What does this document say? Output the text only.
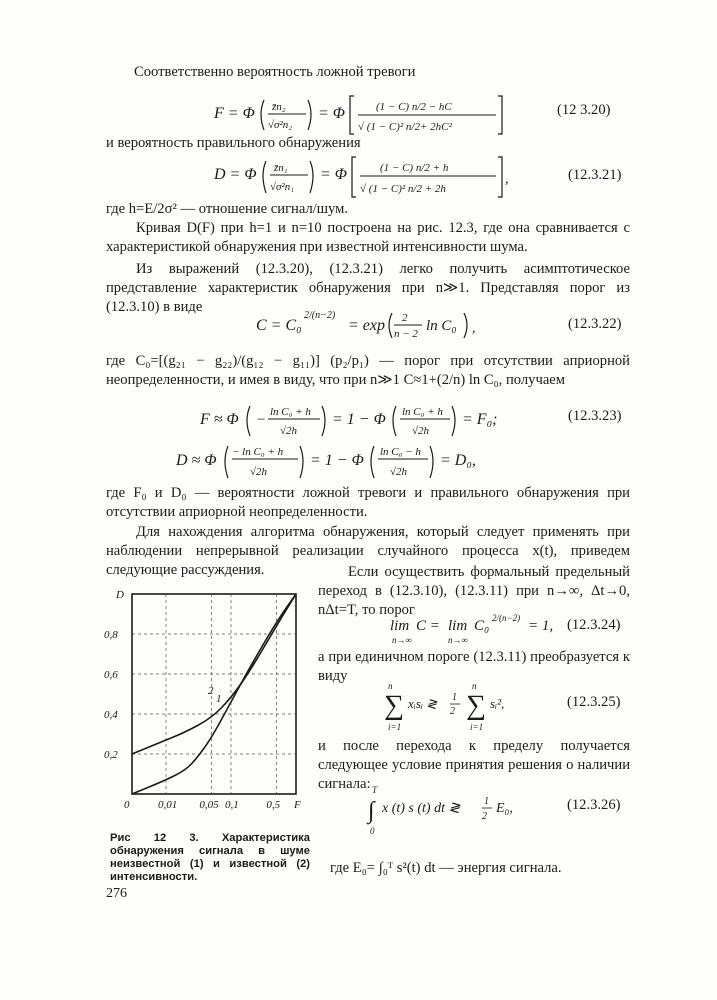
Соответственно вероятность ложной тревоги
F = Φ z̄n₂
√σ²n₂
= Φ	(1 − C) n/2 − hC
√ (1 − C)² n/2+ 2hC²
(12 3.20)
и вероятность правильного обнаружения
D = Φ z̄n₁
√σ²n₁
= Φ	(1 − C) n/2 + h
√ (1 − C)² n/2 + 2h
,	(12.3.21)
где h=E/2σ² — отношение сигнал/шум.
Кривая D(F) при h=1 и n=10 построена на рис. 12.3, где она сравнивается с характеристикой обнаружения при известной интенсивности шума.
Из выражений (12.3.20), (12.3.21) легко получить асимптотическое представление характеристик обнаружения при n≫1. Представляя порог из (12.3.10) в виде
C = C₀
2/(n−2)
= exp 2
n − 2 ln C₀ ,	(12.3.22)
где C₀=[(g₂₁ − g₂₂)/(g₁₂ − g₁₁)] (p₂/p₁) — порог при отсутствии априорной неопределенности, и имея в виду, что при n≫1 C≈1+(2/n) ln C₀, получаем
F ≈ Φ − ln C₀ + h
√2h
= 1 − Φ ln C₀ + h
√2h
= F₀;	(12.3.23)
D ≈ Φ − ln C₀ + h
√2h
= 1 − Φ ln C₀ − h
√2h
= D₀,
где F₀ и D₀ — вероятности ложной тревоги и правильного обнаружения при отсутствии априорной неопределенности.
Для нахождения алгоритма обнаружения, который следует применять при наблюдении непрерывной реализации случайного процесса x(t), приведем следующие рассуждения.	Если осуществить формальный предельный переход в (12.3.10), (12.3.11) при n→∞, Δt→0, nΔt=T, то порог
lim
n→∞
C = lim
n→∞
C₀ 2/(n−2) = 1, (12.3.24)
а при единичном пороге (12.3.11) преобразуется к виду
n
∑
i=1
xᵢsᵢ ≷ 1
2
n
∑
i=1
sᵢ²,	(12.3.25)
и после перехода к пределу получается следующее условие принятия решения о наличии сигнала: T
∫
0
x (t) s (t) dt ≷ 1
2
E₀,	(12.3.26)
где E₀= ∫₀ᵀ s²(t) dt — энергия сигнала.
0	0,01 0,05 0,1	0,5 F
0,2
0,4
0,6
0,8
D
2
1
Рис 12 3. Характеристика обнаружения сигнала в шуме неизвестной (1) и известной (2) интенсивности.
276
